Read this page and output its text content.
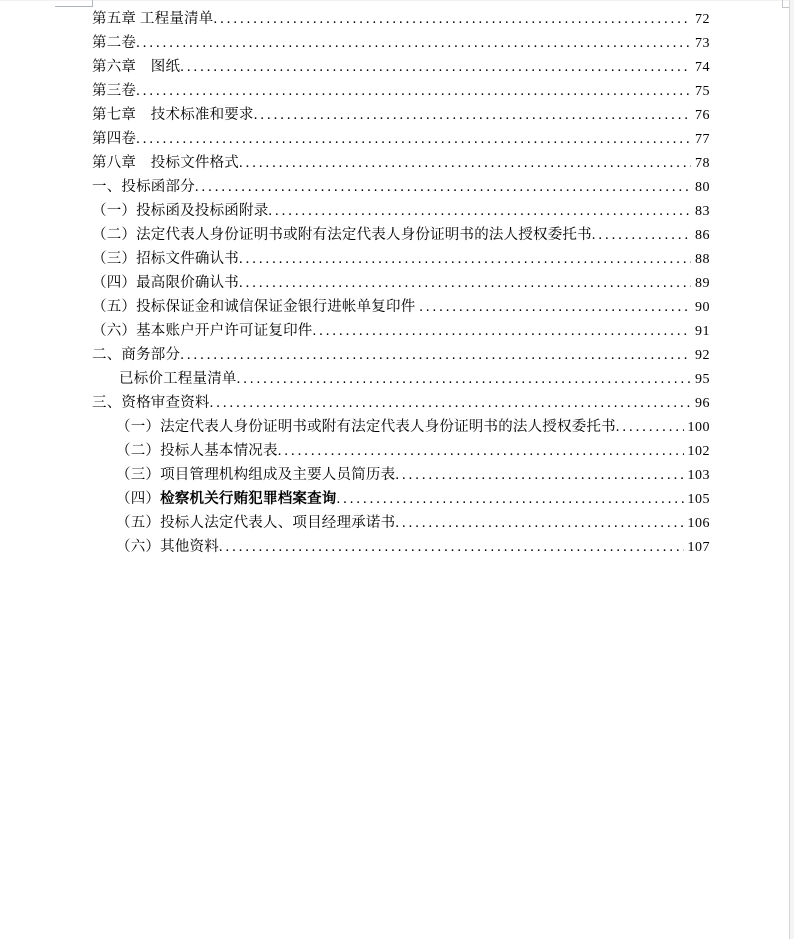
第五章 工程量清单 .....	72
第二卷 .....	73
第六章　图纸 .....	74
第三卷 .....	75
第七章　技术标准和要求 .....	76
第四卷 .....	77
第八章　投标文件格式 .....	78
一、投标函部分 .....	80
（一）投标函及投标函附录 .....	83
（二）法定代表人身份证明书或附有法定代表人身份证明书的法人授权委托书 .....	86
（三）招标文件确认书 .....	88
（四）最高限价确认书 .....	89
（五）投标保证金和诚信保证金银行进帐单复印件 .....	90
（六）基本账户开户许可证复印件 .....	91
二、商务部分 .....	92
已标价工程量清单 .....	95
三、资格审查资料 .....	96
（一）法定代表人身份证明书或附有法定代表人身份证明书的法人授权委托书 .....	100
（二）投标人基本情况表 .....	102
（三）项目管理机构组成及主要人员简历表 .....	103
（四） 检察机关行贿犯罪档案查询 .....	105
（五）投标人法定代表人、项目经理承诺书 .....	106
（六）其他资料 .....	107
